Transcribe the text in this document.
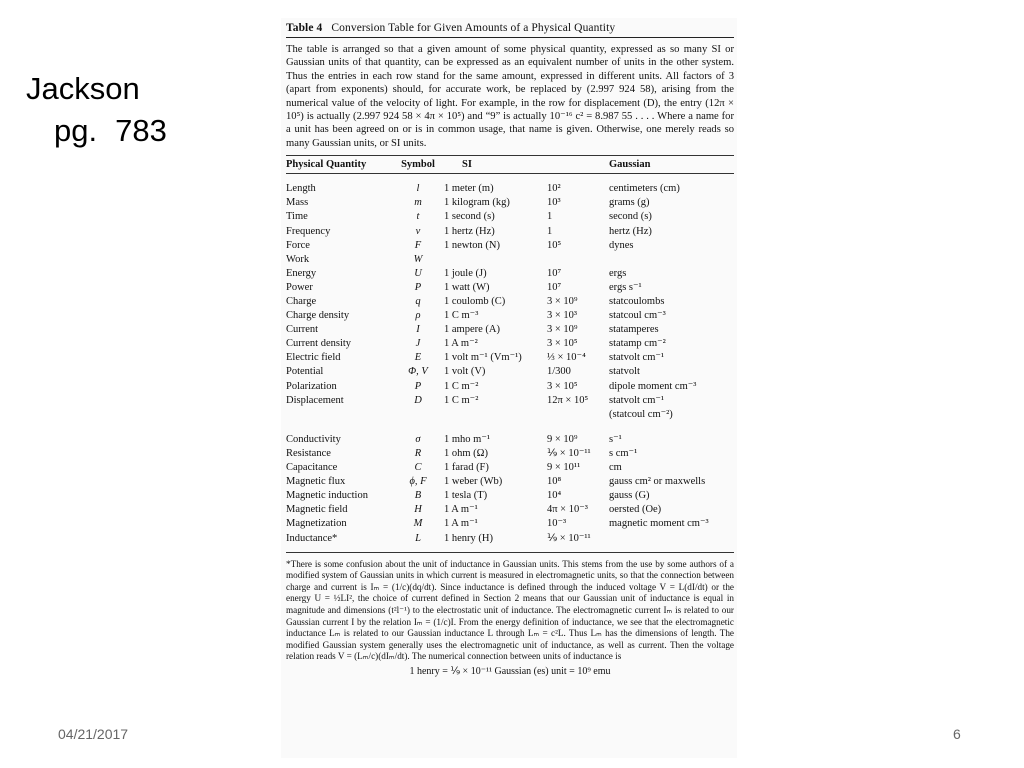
Jackson
pg. 783
04/21/2017	6
Table 4 Conversion Table for Given Amounts of a Physical Quantity

The table is arranged so that a given amount of some physical quantity, expressed as so many SI or Gaussian units of that quantity, can be expressed as an equivalent number of units in the other system. Thus the entries in each row stand for the same amount, expressed in different units. All factors of 3 (apart from exponents) should, for accurate work, be replaced by (2.997 924 58), arising from the numerical value of the velocity of light. For example, in the row for displacement (D), the entry (12π × 10⁵) is actually (2.997 924 58 × 4π × 10⁵) and “9” is actually 10⁻¹⁶ c² = 8.987 55 . . . . Where a name for a unit has been agreed on or is in common usage, that name is given. Otherwise, one merely reads so many Gaussian units, or SI units.

Physical Quantity	Symbol	SI		Gaussian
Length	l	1 meter (m)	10²	centimeters (cm)
Mass	m	1 kilogram (kg)	10³	grams (g)
Time	t	1 second (s)	1	second (s)
Frequency	ν	1 hertz (Hz)	1	hertz (Hz)
Force	F	1 newton (N)	10⁵	dynes
Work	W			
Energy	U	1 joule (J)	10⁷	ergs
Power	P	1 watt (W)	10⁷	ergs s⁻¹
Charge	q	1 coulomb (C)	3 × 10⁹	statcoulombs
Charge density	ρ	1 C m⁻³	3 × 10³	statcoul cm⁻³
Current	I	1 ampere (A)	3 × 10⁹	statamperes
Current density	J	1 A m⁻²	3 × 10⁵	statamp cm⁻²
Electric field	E	1 volt m⁻¹ (Vm⁻¹)	⅓ × 10⁻⁴	statvolt cm⁻¹
Potential	Φ, V	1 volt (V)	1/300	statvolt
Polarization	P	1 C m⁻²	3 × 10⁵	dipole moment cm⁻³
Displacement	D	1 C m⁻²	12π × 10⁵	statvolt cm⁻¹
				(statcoul cm⁻²)
Conductivity	σ	1 mho m⁻¹	9 × 10⁹	s⁻¹
Resistance	R	1 ohm (Ω)	⅑ × 10⁻¹¹	s cm⁻¹
Capacitance	C	1 farad (F)	9 × 10¹¹	cm
Magnetic flux	ϕ, F	1 weber (Wb)	10⁸	gauss cm² or maxwells
Magnetic induction	B	1 tesla (T)	10⁴	gauss (G)
Magnetic field	H	1 A m⁻¹	4π × 10⁻³	oersted (Oe)
Magnetization	M	1 A m⁻¹	10⁻³	magnetic moment cm⁻³
Inductance*	L	1 henry (H)	⅑ × 10⁻¹¹	

*There is some confusion about the unit of inductance in Gaussian units. This stems from the use by some authors of a modified system of Gaussian units in which current is measured in electromagnetic units, so that the connection between charge and current is Iₘ = (1/c)(dq/dt). Since inductance is defined through the induced voltage V = L(dI/dt) or the energy U = ½LI², the choice of current defined in Section 2 means that our Gaussian unit of inductance is equal in magnitude and dimensions (t²l⁻¹) to the electrostatic unit of inductance. The electromagnetic current Iₘ is related to our Gaussian current I by the relation Iₘ = (1/c)I. From the energy definition of inductance, we see that the electromagnetic inductance Lₘ is related to our Gaussian inductance L through Lₘ = c²L. Thus Lₘ has the dimensions of length. The modified Gaussian system generally uses the electromagnetic unit of inductance, as well as current. Then the voltage relation reads V = (Lₘ/c)(dIₘ/dt). The numerical connection between units of inductance is

1 henry = ⅑ × 10⁻¹¹ Gaussian (es) unit = 10⁹ emu
